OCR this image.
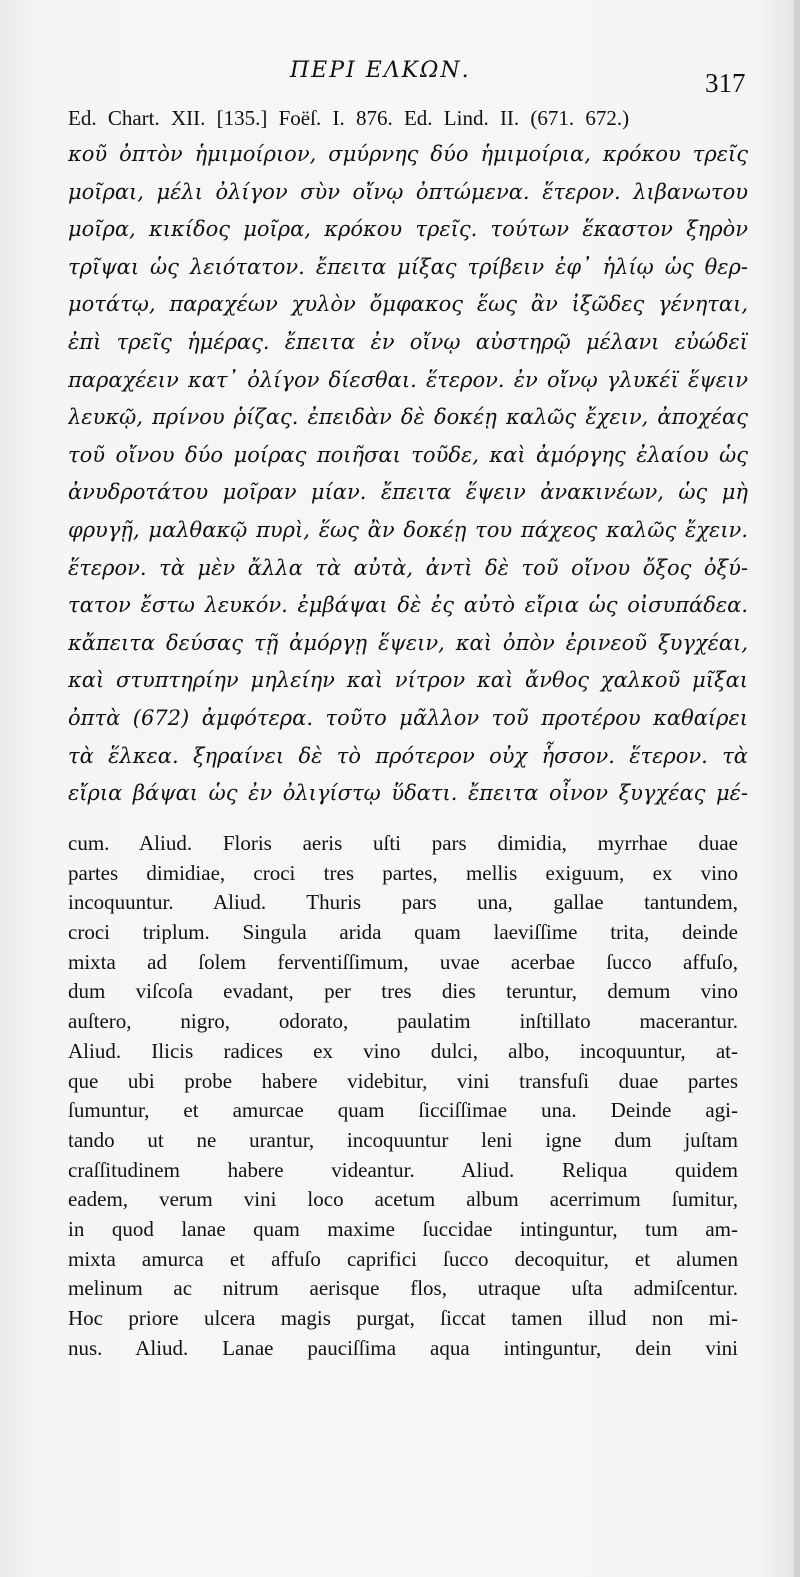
ΠΕΡΙ ΕΛΚΩΝ.	317
Ed. Chart. XII. [135.] Foëſ. I. 876. Ed. Lind. II. (671. 672.)
κοῦ ὀπτὸν ἡμιμοίριον, σμύρνης δύο ἡμιμοίρια, κρόκου τρεῖς
μοῖραι, μέλι ὀλίγον σὺν οἴνῳ ὀπτώμενα. ἕτερον. λιβανωτου
μοῖρα, κικίδος μοῖρα, κρόκου τρεῖς. τούτων ἕκαστον ξηρὸν
τρῖψαι ὡς λειότατον. ἔπειτα μίξας τρίβειν ἐφ᾽ ἡλίῳ ὡς θερ-
μοτάτῳ, παραχέων χυλὸν ὄμφακος ἕως ἂν ἰξῶδες γένηται,
ἐπὶ τρεῖς ἡμέρας. ἔπειτα ἐν οἴνῳ αὐστηρῷ μέλανι εὐώδεϊ
παραχέειν κατ᾽ ὀλίγον δίεσθαι. ἕτερον. ἐν οἴνῳ γλυκέϊ ἕψειν
λευκῷ, πρίνου ῥίζας. ἐπειδὰν δὲ δοκέῃ καλῶς ἔχειν, ἀποχέας
τοῦ οἴνου δύο μοίρας ποιῆσαι τοῦδε, καὶ ἀμόργης ἐλαίου ὡς
ἀνυδροτάτου μοῖραν μίαν. ἔπειτα ἕψειν ἀνακινέων, ὡς μὴ
φρυγῇ, μαλθακῷ πυρὶ, ἕως ἂν δοκέῃ του πάχεος καλῶς ἔχειν.
ἕτερον. τὰ μὲν ἄλλα τὰ αὐτὰ, ἀντὶ δὲ τοῦ οἴνου ὄξος ὀξύ-
τατον ἔστω λευκόν. ἐμβάψαι δὲ ἐς αὐτὸ εἴρια ὡς οἰσυπάδεα.
κἄπειτα δεύσας τῇ ἀμόργῃ ἕψειν, καὶ ὀπὸν ἐρινεοῦ ξυγχέαι,
καὶ στυπτηρίην μηλείην καὶ νίτρον καὶ ἄνθος χαλκοῦ μῖξαι
ὀπτὰ (672) ἀμφότερα. τοῦτο μᾶλλον τοῦ προτέρου καθαίρει
τὰ ἕλκεα. ξηραίνει δὲ τὸ πρότερον οὐχ ἧσσον. ἕτερον. τὰ
εἴρια βάψαι ὡς ἐν ὀλιγίστῳ ὕδατι. ἔπειτα οἶνον ξυγχέας μέ-
cum. Aliud. Floris aeris uſti pars dimidia, myrrhae duae
partes dimidiae, croci tres partes, mellis exiguum, ex vino
incoquuntur. Aliud. Thuris pars una, gallae tantundem,
croci triplum. Singula arida quam laeviſſime trita, deinde
mixta ad ſolem ferventiſſimum, uvae acerbae ſucco affuſo,
dum viſcoſa evadant, per tres dies teruntur, demum vino
auſtero, nigro, odorato, paulatim inſtillato macerantur.
Aliud. Ilicis radices ex vino dulci, albo, incoquuntur, at-
que ubi probe habere videbitur, vini transfuſi duae partes
ſumuntur, et amurcae quam ſicciſſimae una. Deinde agi-
tando ut ne urantur, incoquuntur leni igne dum juſtam
craſſitudinem habere videantur. Aliud. Reliqua quidem
eadem, verum vini loco acetum album acerrimum ſumitur,
in quod lanae quam maxime ſuccidae intinguntur, tum am-
mixta amurca et affuſo caprifici ſucco decoquitur, et alumen
melinum ac nitrum aerisque flos, utraque uſta admiſcentur.
Hoc priore ulcera magis purgat, ſiccat tamen illud non mi-
nus. Aliud. Lanae pauciſſima aqua intinguntur, dein vini
